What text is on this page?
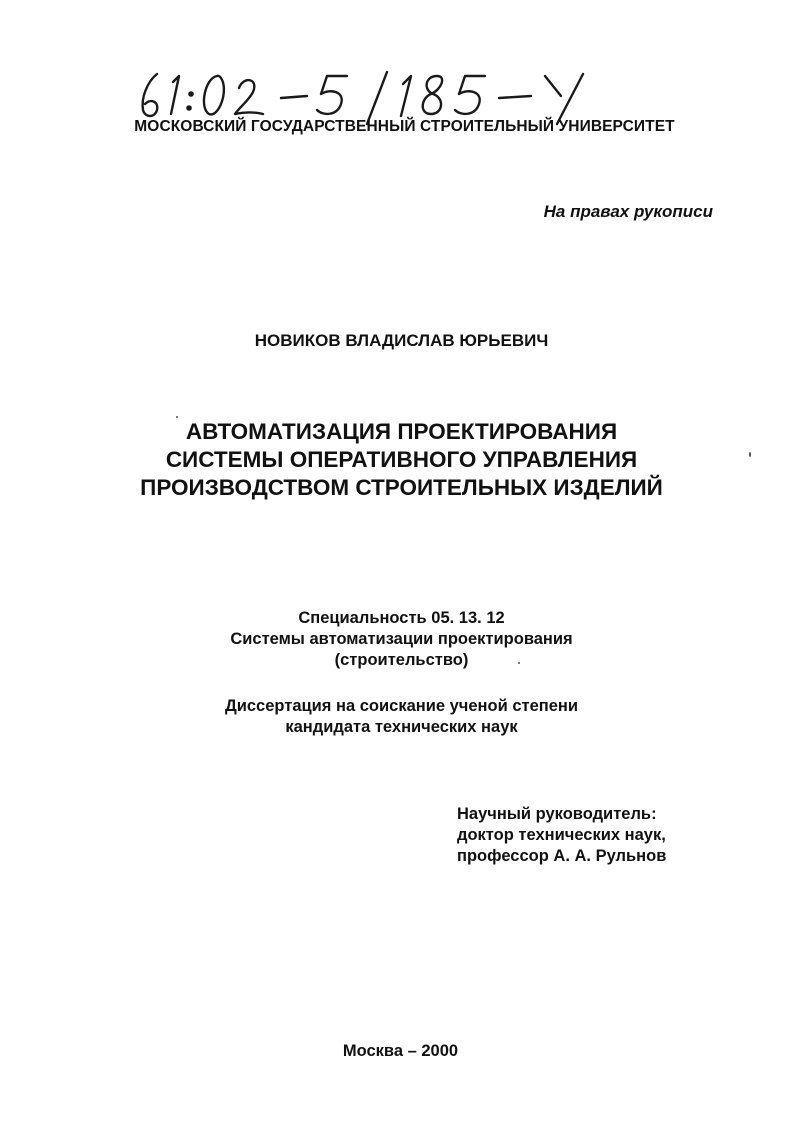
МОСКОВСКИЙ ГОСУДАРСТВЕННЫЙ СТРОИТЕЛЬНЫЙ УНИВЕРСИТЕТ
На правах рукописи
НОВИКОВ ВЛАДИСЛАВ ЮРЬЕВИЧ
АВТОМАТИЗАЦИЯ ПРОЕКТИРОВАНИЯ
СИСТЕМЫ ОПЕРАТИВНОГО УПРАВЛЕНИЯ
ПРОИЗВОДСТВОМ СТРОИТЕЛЬНЫХ ИЗДЕЛИЙ
Специальность 05. 13. 12
Системы автоматизации проектирования
(строительство)
Диссертация на соискание ученой степени
кандидата технических наук
Научный руководитель:
доктор технических наук,
профессор А. А. Рульнов
Москва – 2000
